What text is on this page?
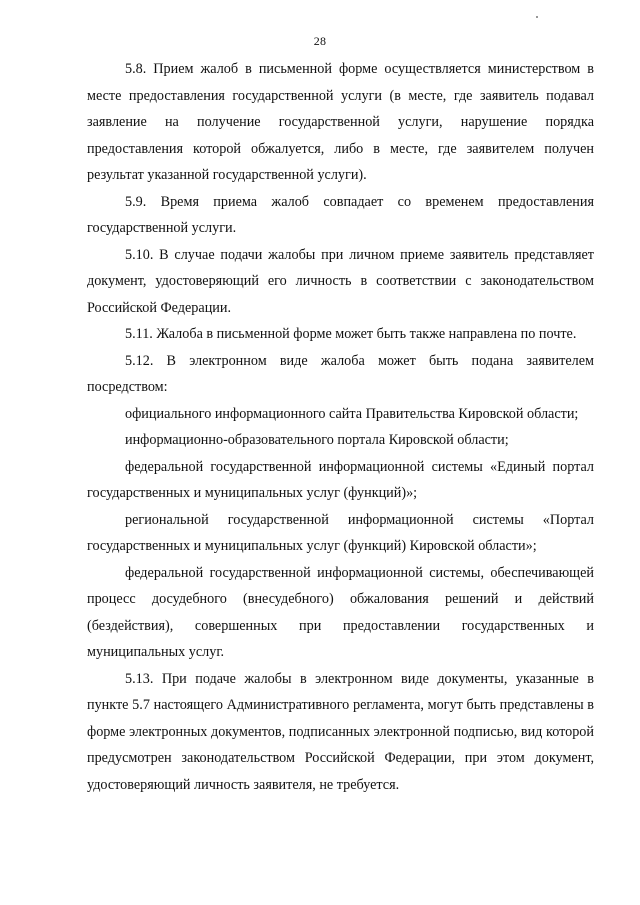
28

5.8. Прием жалоб в письменной форме осуществляется министерством в месте предоставления государственной услуги (в месте, где заявитель подавал заявление на получение государственной услуги, нарушение порядка предоставления которой обжалуется, либо в месте, где заявителем получен результат указанной государственной услуги).

5.9. Время приема жалоб совпадает со временем предоставления государственной услуги.

5.10. В случае подачи жалобы при личном приеме заявитель представляет документ, удостоверяющий его личность в соответствии с законодательством Российской Федерации.

5.11. Жалоба в письменной форме может быть также направлена по почте.

5.12. В электронном виде жалоба может быть подана заявителем посредством:

официального информационного сайта Правительства Кировской области;

информационно-образовательного портала Кировской области;

федеральной государственной информационной системы «Единый портал государственных и муниципальных услуг (функций)»;

региональной государственной информационной системы «Портал государственных и муниципальных услуг (функций) Кировской области»;

федеральной государственной информационной системы, обеспечивающей процесс досудебного (внесудебного) обжалования решений и действий (бездействия), совершенных при предоставлении государственных и муниципальных услуг.

5.13. При подаче жалобы в электронном виде документы, указанные в пункте 5.7 настоящего Административного регламента, могут быть представлены в форме электронных документов, подписанных электронной подписью, вид которой предусмотрен законодательством Российской Федерации, при этом документ, удостоверяющий личность заявителя, не требуется.
